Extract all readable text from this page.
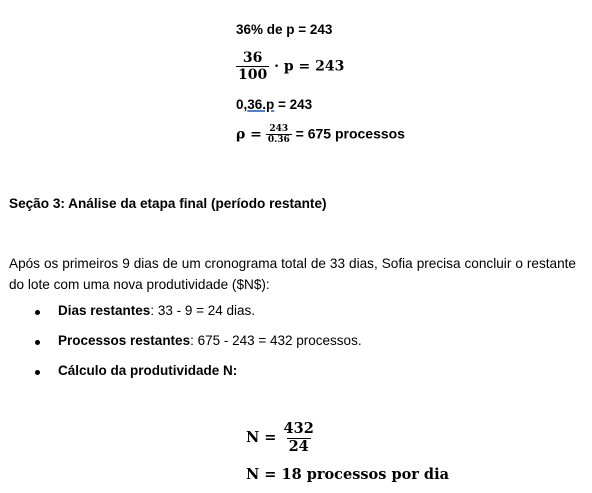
36% de p = 243
$\frac{36}{100} \cdot p = 243$
0,36.p = 243
$\rho = \frac{243}{0.36} = 675$ processos
Seção 3: Análise da etapa final (período restante)
Após os primeiros 9 dias de um cronograma total de 33 dias, Sofia precisa concluir o restante do lote com uma nova produtividade ($N$):
Dias restantes: 33 - 9 = 24 dias.
Processos restantes: 675 - 243 = 432 processos.
Cálculo da produtividade N:
$N = \frac{432}{24}$
N = 18 processos por dia
